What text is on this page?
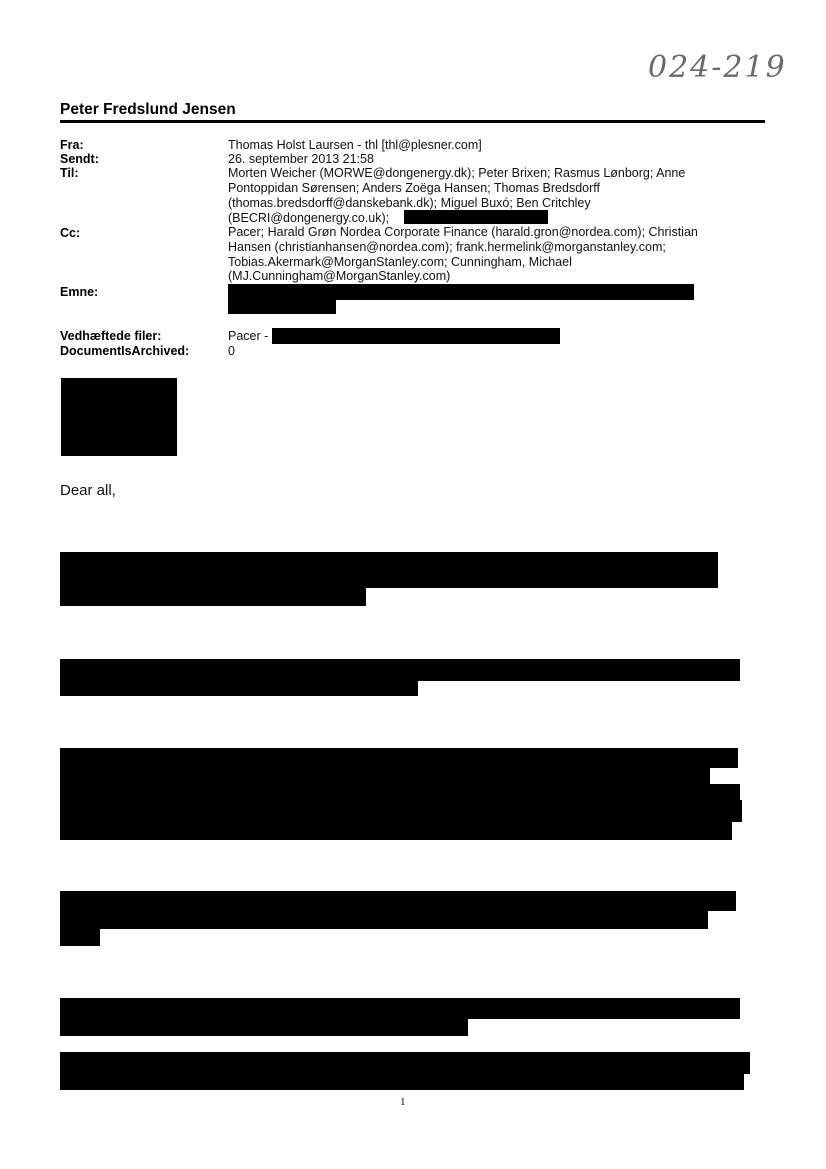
024-219
Peter Fredslund Jensen
Fra:	Thomas Holst Laursen - thl [thl@plesner.com]
Sendt:	26. september 2013 21:58
Til:	Morten Weicher (MORWE@dongenergy.dk); Peter Brixen; Rasmus Lønborg; Anne
Pontoppidan Sørensen; Anders Zoëga Hansen; Thomas Bredsdorff
(thomas.bredsdorff@danskebank.dk); Miguel Buxó; Ben Critchley
(BECRI@dongenergy.co.uk);
Cc:	Pacer; Harald Grøn Nordea Corporate Finance (harald.gron@nordea.com); Christian
Hansen (christianhansen@nordea.com); frank.hermelink@morganstanley.com;
Tobias.Akermark@MorganStanley.com; Cunningham, Michael
(MJ.Cunningham@MorganStanley.com)
Emne:
Vedhæftede filer:	Pacer -
DocumentIsArchived:	0
Dear all,
1
